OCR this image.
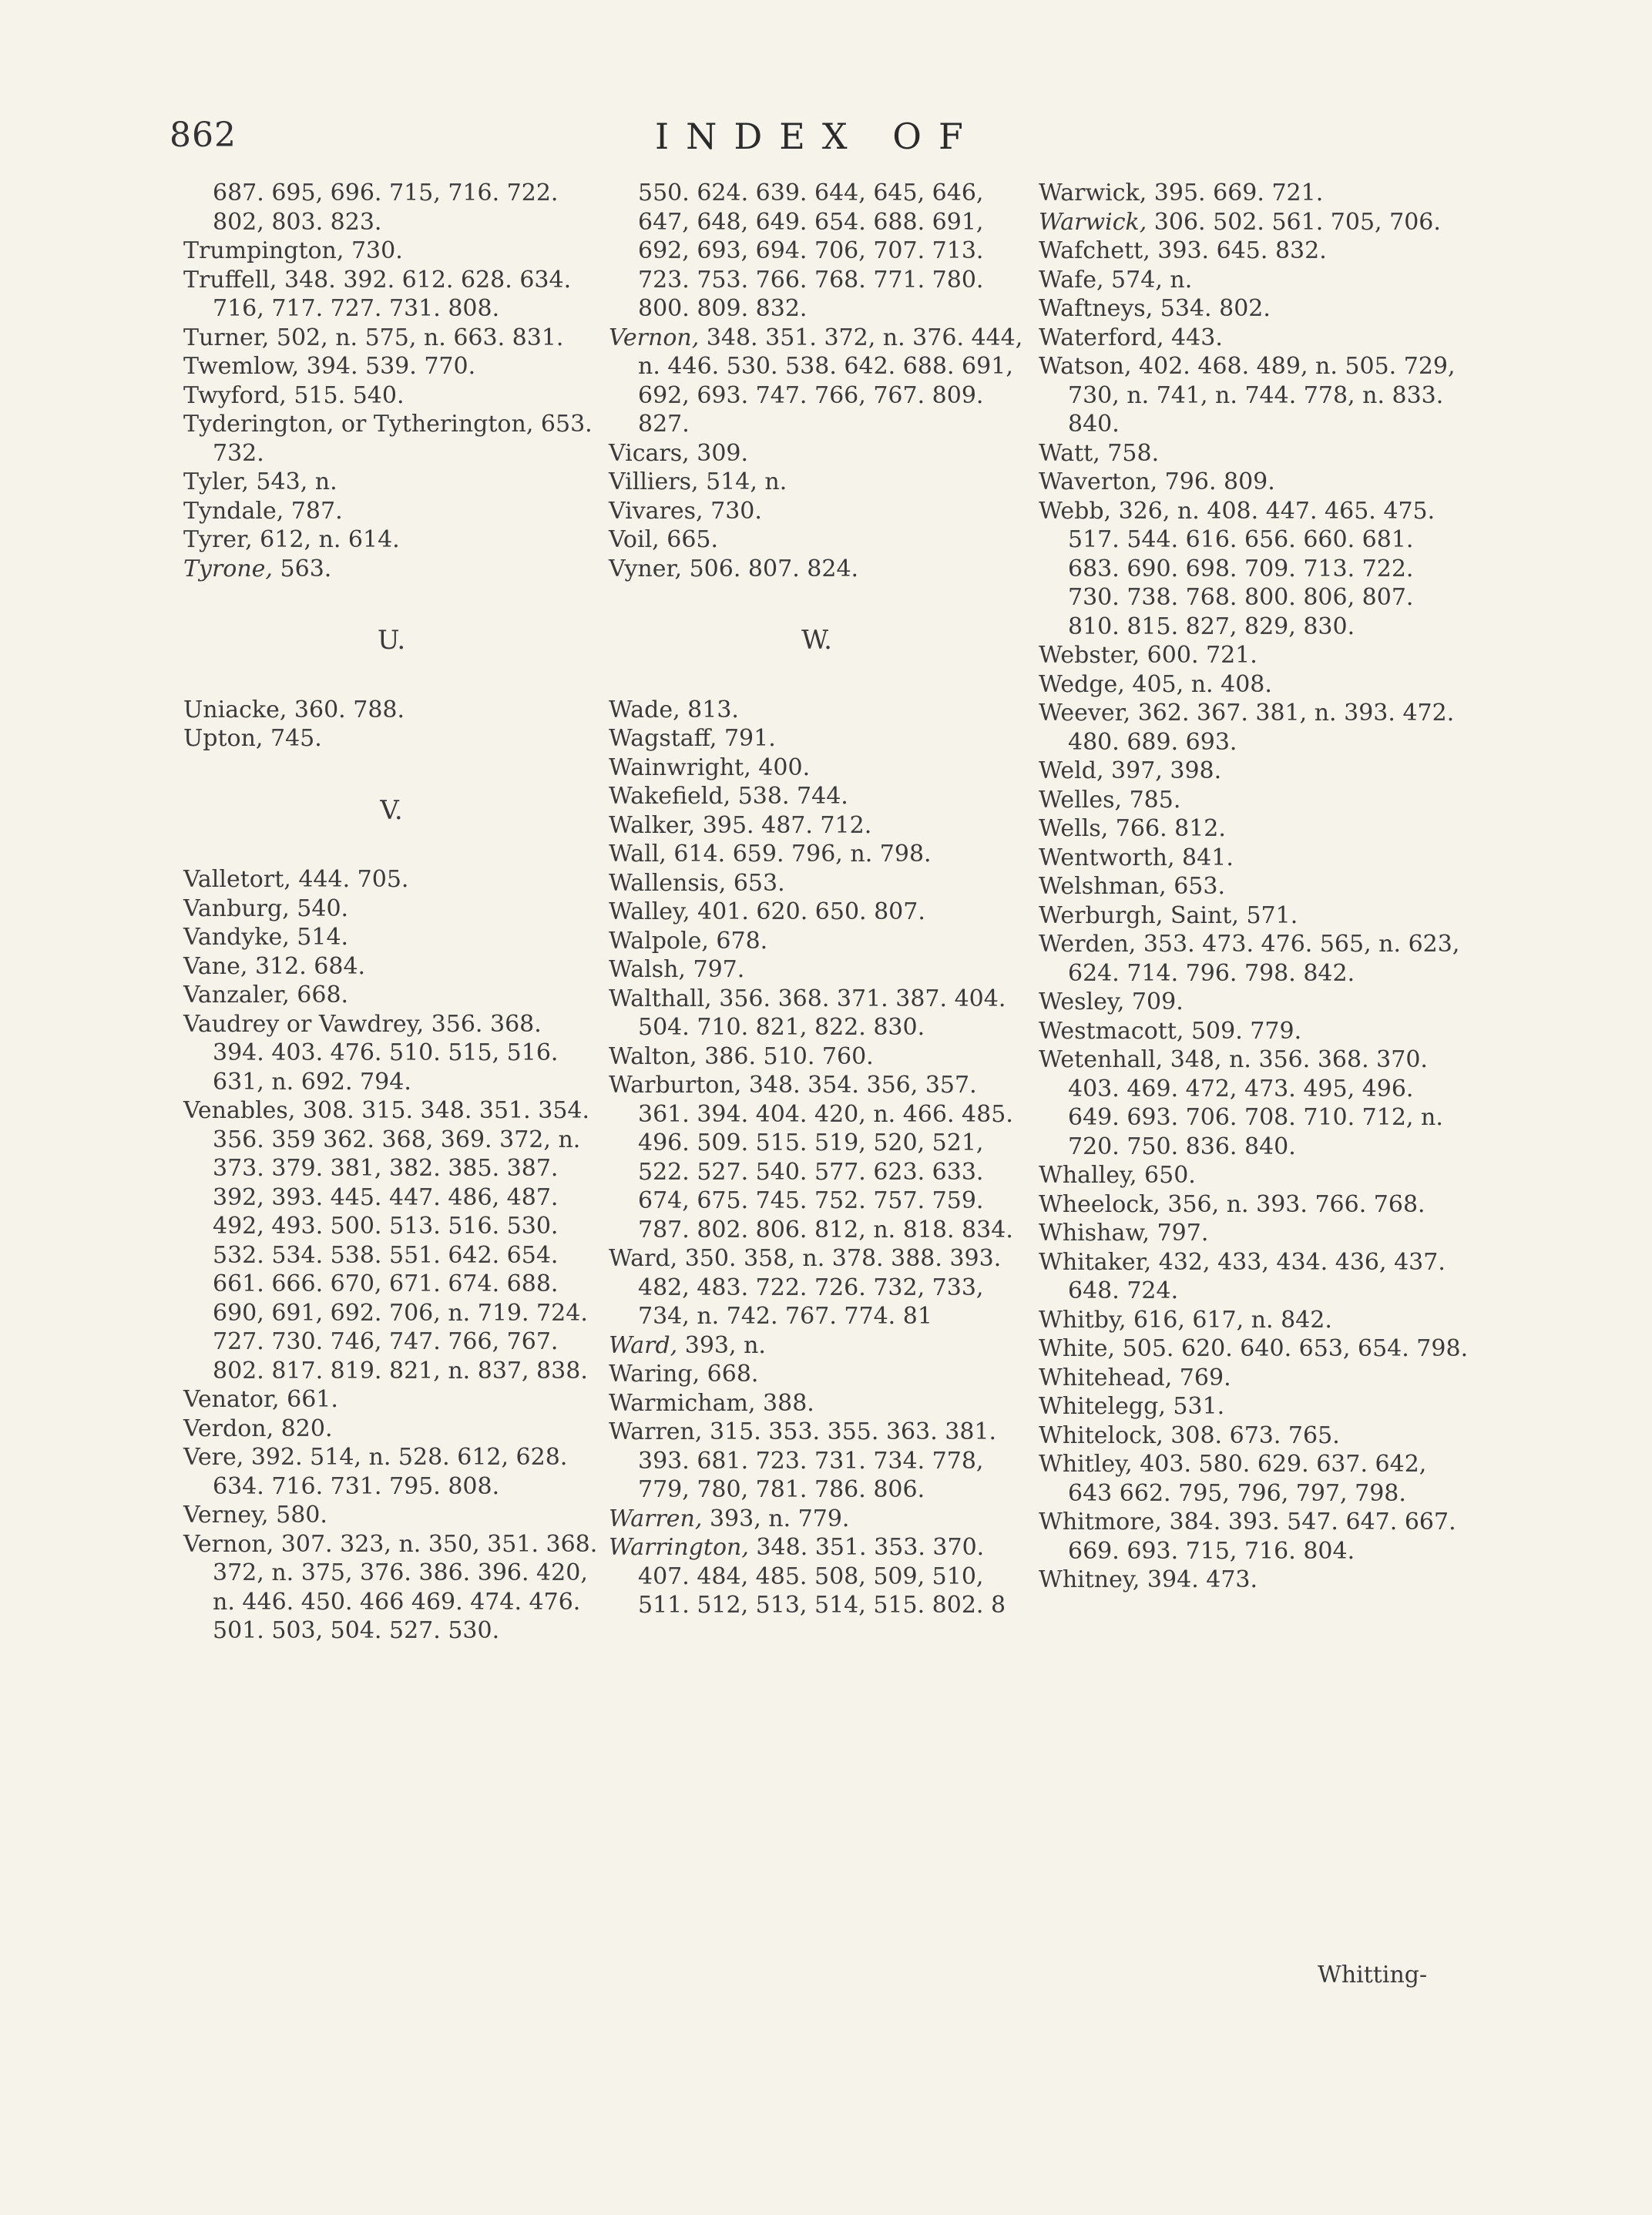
862	INDEX OF
687. 695, 696. 715, 716. 722. 802, 803. 823.
Trumpington, 730.
Truffell, 348. 392. 612. 628. 634. 716, 717. 727. 731. 808.
Turner, 502, n. 575, n. 663. 831.
Twemlow, 394. 539. 770.
Twyford, 515. 540.
Tyderington, or Tytherington, 653. 732.
Tyler, 543, n.
Tyndale, 787.
Tyrer, 612, n. 614.
Tyrone, 563.
U.
Uniacke, 360. 788.
Upton, 745.
V.
Valletort, 444. 705.
Vanburg, 540.
Vandyke, 514.
Vane, 312. 684.
Vanzaler, 668.
Vaudrey or Vawdrey, 356. 368. 394. 403. 476. 510. 515, 516. 631, n. 692. 794.
Venables, 308. 315. 348. 351. 354. 356. 359 362. 368, 369. 372, n. 373. 379. 381, 382. 385. 387. 392, 393. 445. 447. 486, 487. 492, 493. 500. 513. 516. 530. 532. 534. 538. 551. 642. 654. 661. 666. 670, 671. 674. 688. 690, 691, 692. 706, n. 719. 724. 727. 730. 746, 747. 766, 767. 802. 817. 819. 821, n. 837, 838.
Venator, 661.
Verdon, 820.
Vere, 392. 514, n. 528. 612, 628. 634. 716. 731. 795. 808.
Verney, 580.
Vernon, 307. 323, n. 350, 351. 368. 372, n. 375, 376. 386. 396. 420, n. 446. 450. 466 469. 474. 476. 501. 503, 504. 527. 530.
550. 624. 639. 644, 645, 646, 647, 648, 649. 654. 688. 691, 692, 693, 694. 706, 707. 713. 723. 753. 766. 768. 771. 780. 800. 809. 832.
Vernon, 348. 351. 372, n. 376. 444, n. 446. 530. 538. 642. 688. 691, 692, 693. 747. 766, 767. 809. 827.
Vicars, 309.
Villiers, 514, n.
Vivares, 730.
Voil, 665.
Vyner, 506. 807. 824.
W.
Wade, 813.
Wagstaff, 791.
Wainwright, 400.
Wakefield, 538. 744.
Walker, 395. 487. 712.
Wall, 614. 659. 796, n. 798.
Wallensis, 653.
Walley, 401. 620. 650. 807.
Walpole, 678.
Walsh, 797.
Walthall, 356. 368. 371. 387. 404. 504. 710. 821, 822. 830.
Walton, 386. 510. 760.
Warburton, 348. 354. 356, 357. 361. 394. 404. 420, n. 466. 485. 496. 509. 515. 519, 520, 521, 522. 527. 540. 577. 623. 633. 674, 675. 745. 752. 757. 759. 787. 802. 806. 812, n. 818. 834.
Ward, 350. 358, n. 378. 388. 393. 482, 483. 722. 726. 732, 733, 734, n. 742. 767. 774. 81
Ward, 393, n.
Waring, 668.
Warmicham, 388.
Warren, 315. 353. 355. 363. 381. 393. 681. 723. 731. 734. 778, 779, 780, 781. 786. 806.
Warren, 393, n. 779.
Warrington, 348. 351. 353. 370. 407. 484, 485. 508, 509, 510, 511. 512, 513, 514, 515. 802. 8
Warwick, 395. 669. 721.
Warwick, 306. 502. 561. 705, 706.
Wafchett, 393. 645. 832.
Wafe, 574, n.
Waftneys, 534. 802.
Waterford, 443.
Watson, 402. 468. 489, n. 505. 729, 730, n. 741, n. 744. 778, n. 833. 840.
Watt, 758.
Waverton, 796. 809.
Webb, 326, n. 408. 447. 465. 475. 517. 544. 616. 656. 660. 681. 683. 690. 698. 709. 713. 722. 730. 738. 768. 800. 806, 807. 810. 815. 827, 829, 830.
Webster, 600. 721.
Wedge, 405, n. 408.
Weever, 362. 367. 381, n. 393. 472. 480. 689. 693.
Weld, 397, 398.
Welles, 785.
Wells, 766. 812.
Wentworth, 841.
Welshman, 653.
Werburgh, Saint, 571.
Werden, 353. 473. 476. 565, n. 623, 624. 714. 796. 798. 842.
Wesley, 709.
Westmacott, 509. 779.
Wetenhall, 348, n. 356. 368. 370. 403. 469. 472, 473. 495, 496. 649. 693. 706. 708. 710. 712, n. 720. 750. 836. 840.
Whalley, 650.
Wheelock, 356, n. 393. 766. 768.
Whishaw, 797.
Whitaker, 432, 433, 434. 436, 437. 648. 724.
Whitby, 616, 617, n. 842.
White, 505. 620. 640. 653, 654. 798.
Whitehead, 769.
Whitelegg, 531.
Whitelock, 308. 673. 765.
Whitley, 403. 580. 629. 637. 642, 643 662. 795, 796, 797, 798.
Whitmore, 384. 393. 547. 647. 667. 669. 693. 715, 716. 804.
Whitney, 394. 473.
Whitting-
